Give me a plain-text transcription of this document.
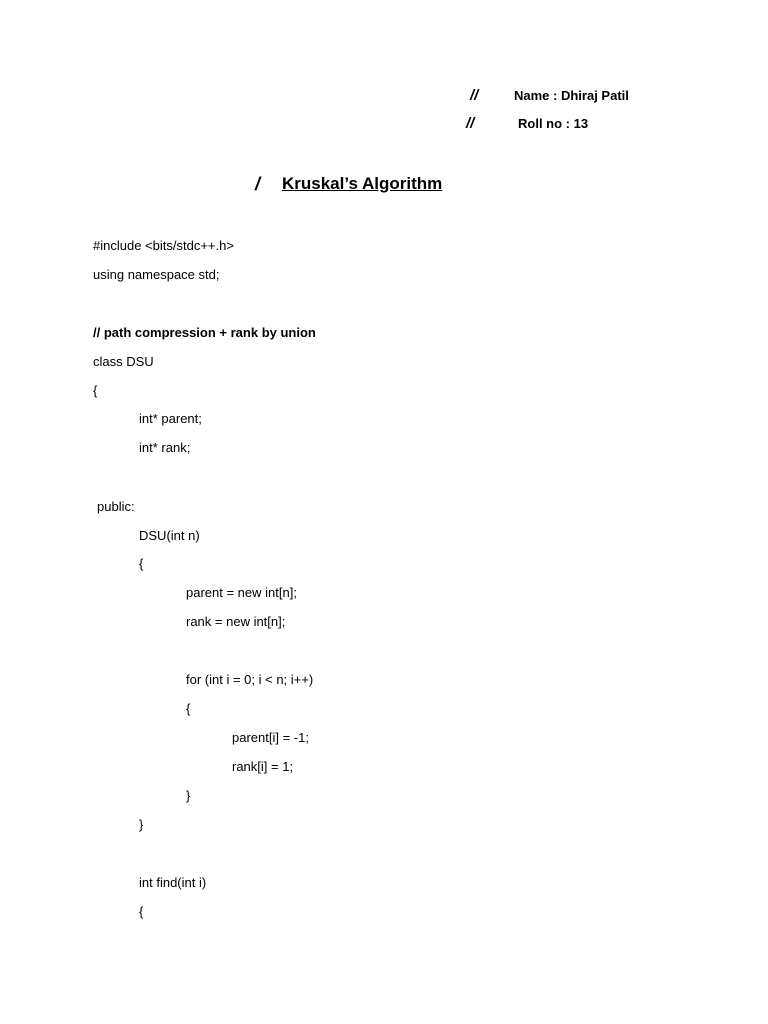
//	Name : Dhiraj Patil
//	Roll no : 13
/ Kruskal’s Algorithm
#include <bits/stdc++.h>
using namespace std;
// path compression + rank by union
class DSU
{
int* parent;
int* rank;
public:
DSU(int n)
{
parent = new int[n];
rank = new int[n];
for (int i = 0; i < n; i++)
{
parent[i] = -1;
rank[i] = 1;
}
}
int find(int i)
{
